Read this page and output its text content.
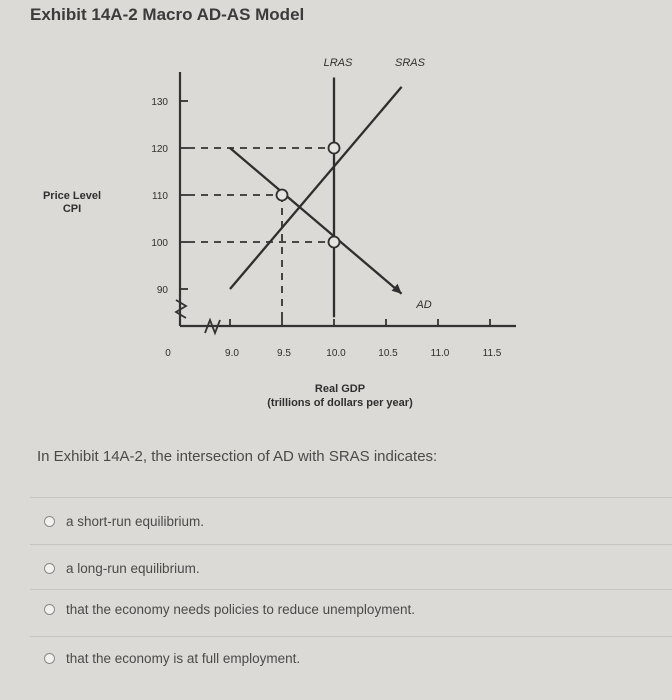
Exhibit 14A-2 Macro AD-AS Model
Price Level
CPI
90
100
110
120
130
0	9.0	9.5	10.0	10.5	11.0	11.5
Real GDP
(trillions of dollars per year)
LRAS	SRAS
AD
In Exhibit 14A-2, the intersection of AD with SRAS indicates:
a short-run equilibrium.
a long-run equilibrium.
that the economy needs policies to reduce unemployment.
that the economy is at full employment.
